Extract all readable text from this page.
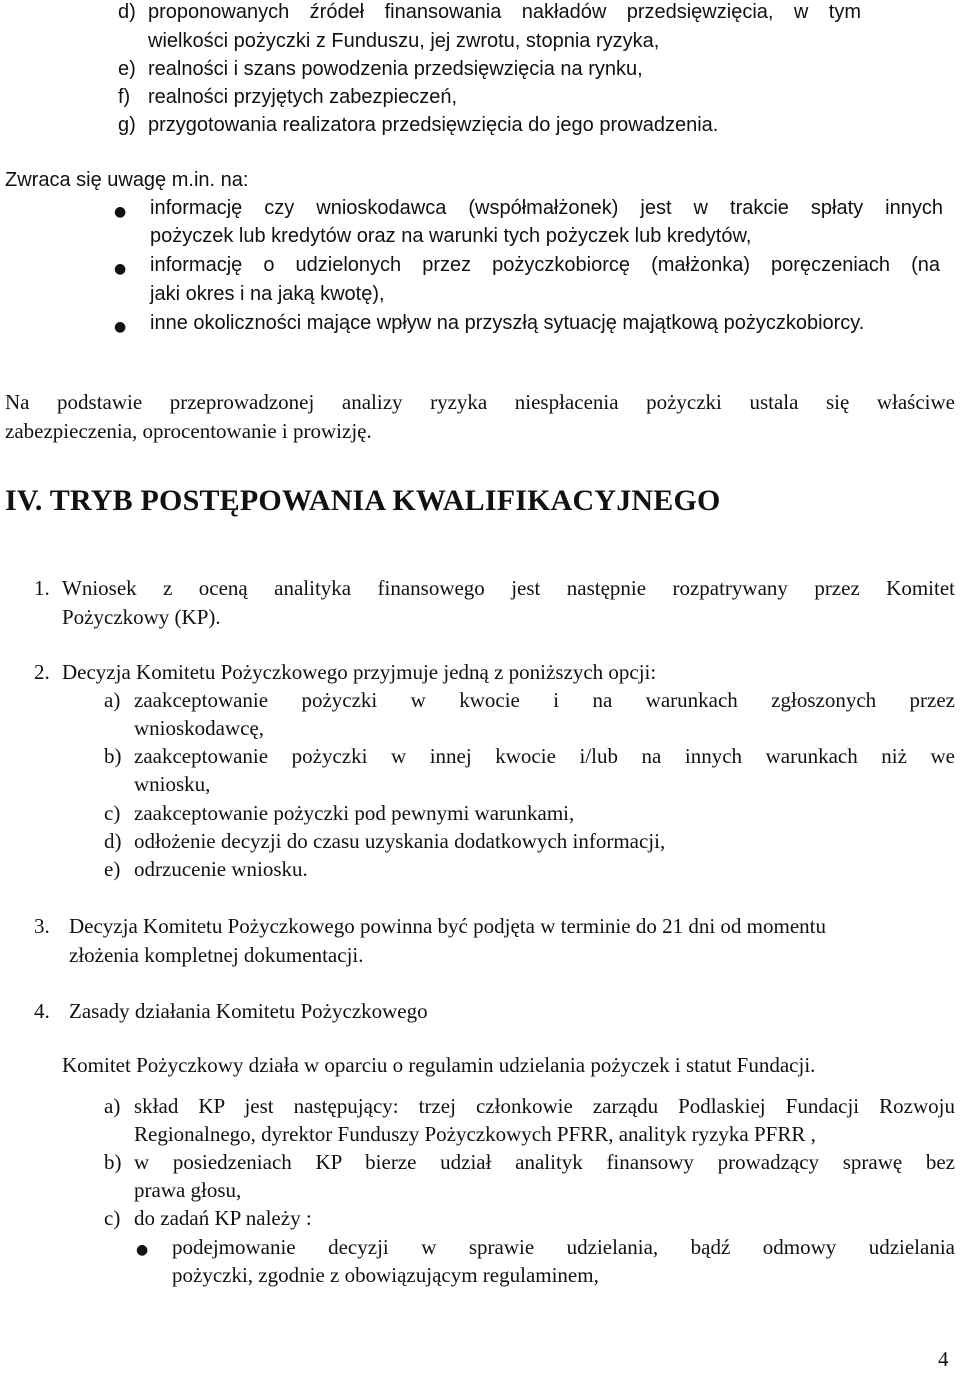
d) proponowanych źródeł finansowania nakładów przedsięwzięcia, w tym
wielkości pożyczki z Funduszu, jej zwrotu, stopnia ryzyka,
e) realności i szans powodzenia przedsięwzięcia na rynku,
f) realności przyjętych zabezpieczeń,
g) przygotowania realizatora przedsięwzięcia do jego prowadzenia.
Zwraca się uwagę m.in. na:
● informację czy wnioskodawca (współmałżonek) jest w trakcie spłaty innych
pożyczek lub kredytów oraz na warunki tych pożyczek lub kredytów,
● informację o udzielonych przez pożyczkobiorcę (małżonka) poręczeniach (na
jaki okres i na jaką kwotę),
● inne okoliczności mające wpływ na przyszłą sytuację majątkową pożyczkobiorcy.
Na podstawie przeprowadzonej analizy ryzyka niespłacenia pożyczki ustala się właściwe
zabezpieczenia, oprocentowanie i prowizję.
IV. TRYB POSTĘPOWANIA KWALIFIKACYJNEGO
1. Wniosek z oceną analityka finansowego jest następnie rozpatrywany przez Komitet
Pożyczkowy (KP).
2. Decyzja Komitetu Pożyczkowego przyjmuje jedną z poniższych opcji:
a) zaakceptowanie pożyczki w kwocie i na warunkach zgłoszonych przez
wnioskodawcę,
b) zaakceptowanie pożyczki w innej kwocie i/lub na innych warunkach niż we
wniosku,
c) zaakceptowanie pożyczki pod pewnymi warunkami,
d) odłożenie decyzji do czasu uzyskania dodatkowych informacji,
e) odrzucenie wniosku.
3. Decyzja Komitetu Pożyczkowego powinna być podjęta w terminie do 21 dni od momentu
złożenia kompletnej dokumentacji.
4. Zasady działania Komitetu Pożyczkowego
Komitet Pożyczkowy działa w oparciu o regulamin udzielania pożyczek i statut Fundacji.
a) skład KP jest następujący: trzej członkowie zarządu Podlaskiej Fundacji Rozwoju
Regionalnego, dyrektor Funduszy Pożyczkowych PFRR, analityk ryzyka PFRR ,
b) w posiedzeniach KP bierze udział analityk finansowy prowadzący sprawę bez
prawa głosu,
c) do zadań KP należy :
● podejmowanie decyzji w sprawie udzielania, bądź odmowy udzielania
pożyczki, zgodnie z obowiązującym regulaminem,
4
